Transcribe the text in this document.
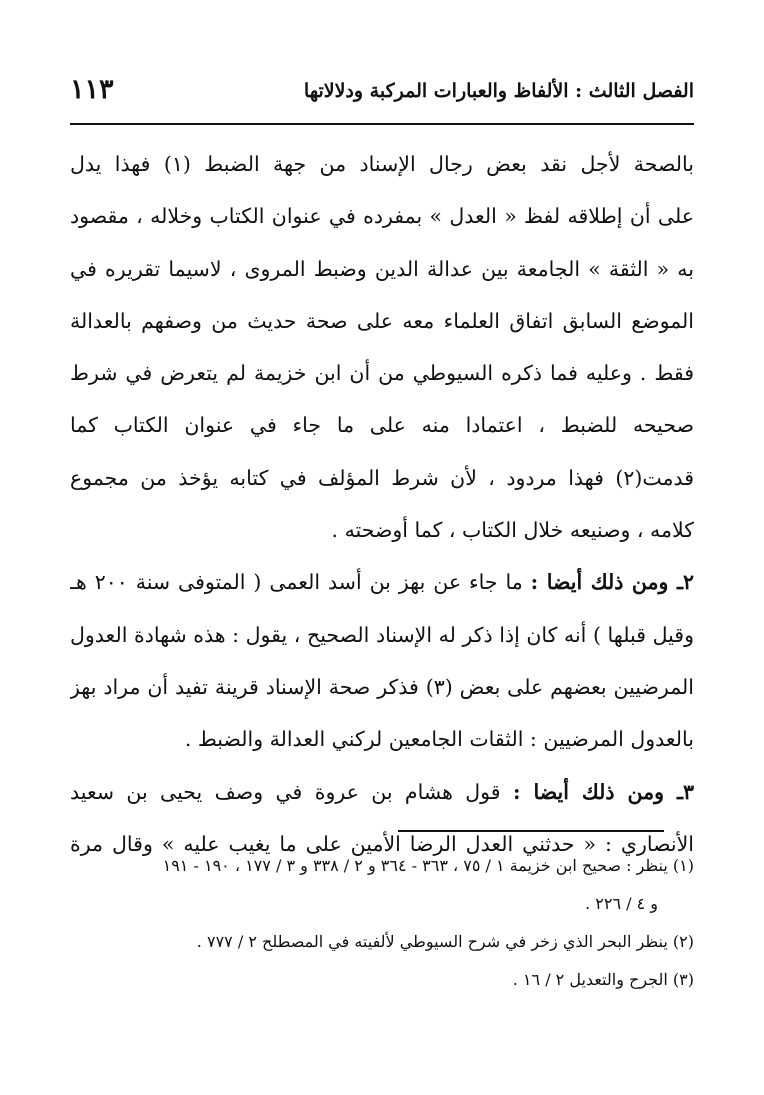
الفصل الثالث : الألفاظ والعبارات المركبة ودلالاتها
١١٣
بالصحة لأجل نقد بعض رجال الإسناد من جهة الضبط (١) فهذا يدل
على أن إطلاقه لفظ « العدل » بمفرده في عنوان الكتاب وخلاله ، مقصود
به « الثقة » الجامعة بين عدالة الدين وضبط المروى ، لاسيما تقريره في
الموضع السابق اتفاق العلماء معه على صحة حديث من وصفهم بالعدالة
فقط . وعليه فما ذكره السيوطي من أن ابن خزيمة لم يتعرض في شرط
صحيحه للضبط ، اعتمادا منه على ما جاء في عنوان الكتاب كما
قدمت(٢) فهذا مردود ، لأن شرط المؤلف في كتابه يؤخذ من مجموع
كلامه ، وصنيعه خلال الكتاب ، كما أوضحته .
٢ـ ومن ذلك أيضا : ما جاء عن بهز بن أسد العمى ( المتوفى سنة ٢٠٠ هـ
وقيل قبلها ) أنه كان إذا ذكر له الإسناد الصحيح ، يقول : هذه شهادة العدول
المرضيين بعضهم على بعض (٣) فذكر صحة الإسناد قرينة تفيد أن مراد بهز
بالعدول المرضيين : الثقات الجامعين لركني العدالة والضبط .
٣ـ ومن ذلك أيضا : قول هشام بن عروة في وصف يحيى بن سعيد
الأنصاري : « حدثني العدل الرضا الأمين على ما يغيب عليه » وقال مرة
(١) ينظر : صحيح ابن خزيمة ١ / ٧٥ ، ٣٦٣ - ٣٦٤ و ٢ / ٣٣٨ و ٣ / ١٧٧ ، ١٩٠ - ١٩١
و ٤ / ٢٢٦ .
(٢) ينظر البحر الذي زخر في شرح السيوطي لألفيته في المصطلح ٢ / ٧٧٧ .
(٣) الجرح والتعديل ٢ / ١٦ .
